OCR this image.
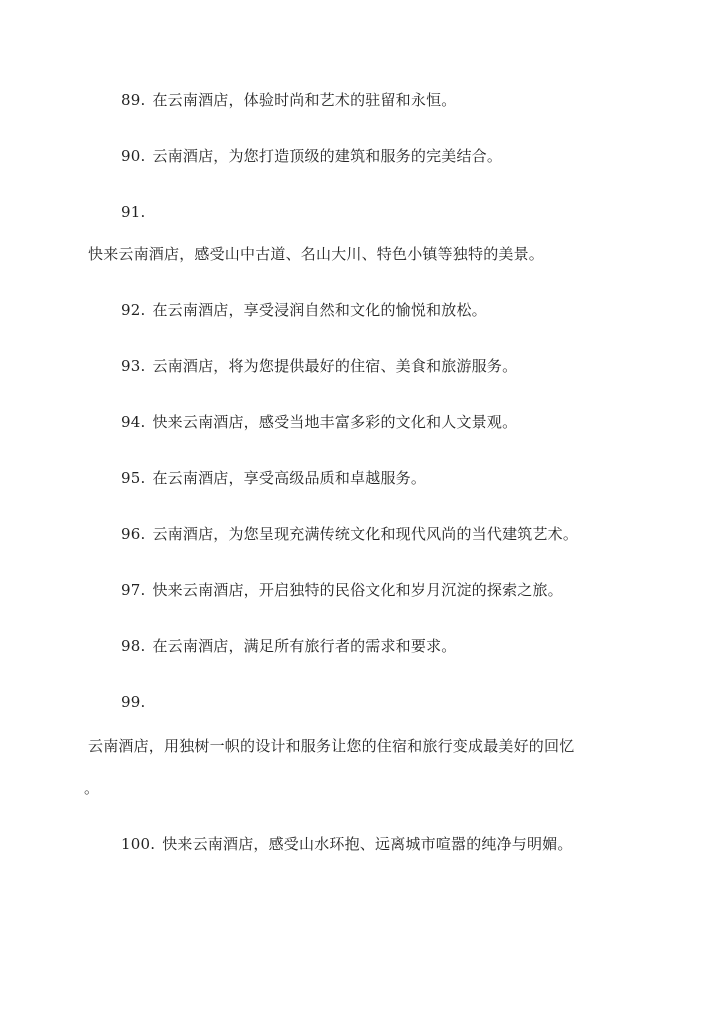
89. 在云南酒店，体验时尚和艺术的驻留和永恒。
90. 云南酒店，为您打造顶级的建筑和服务的完美结合。
91.
快来云南酒店，感受山中古道、名山大川、特色小镇等独特的美景。
92. 在云南酒店，享受浸润自然和文化的愉悦和放松。
93. 云南酒店，将为您提供最好的住宿、美食和旅游服务。
94. 快来云南酒店，感受当地丰富多彩的文化和人文景观。
95. 在云南酒店，享受高级品质和卓越服务。
96. 云南酒店，为您呈现充满传统文化和现代风尚的当代建筑艺术。
97. 快来云南酒店，开启独特的民俗文化和岁月沉淀的探索之旅。
98. 在云南酒店，满足所有旅行者的需求和要求。
99.
云南酒店，用独树一帜的设计和服务让您的住宿和旅行变成最美好的回忆
。
100. 快来云南酒店，感受山水环抱、远离城市喧嚣的纯净与明媚。
